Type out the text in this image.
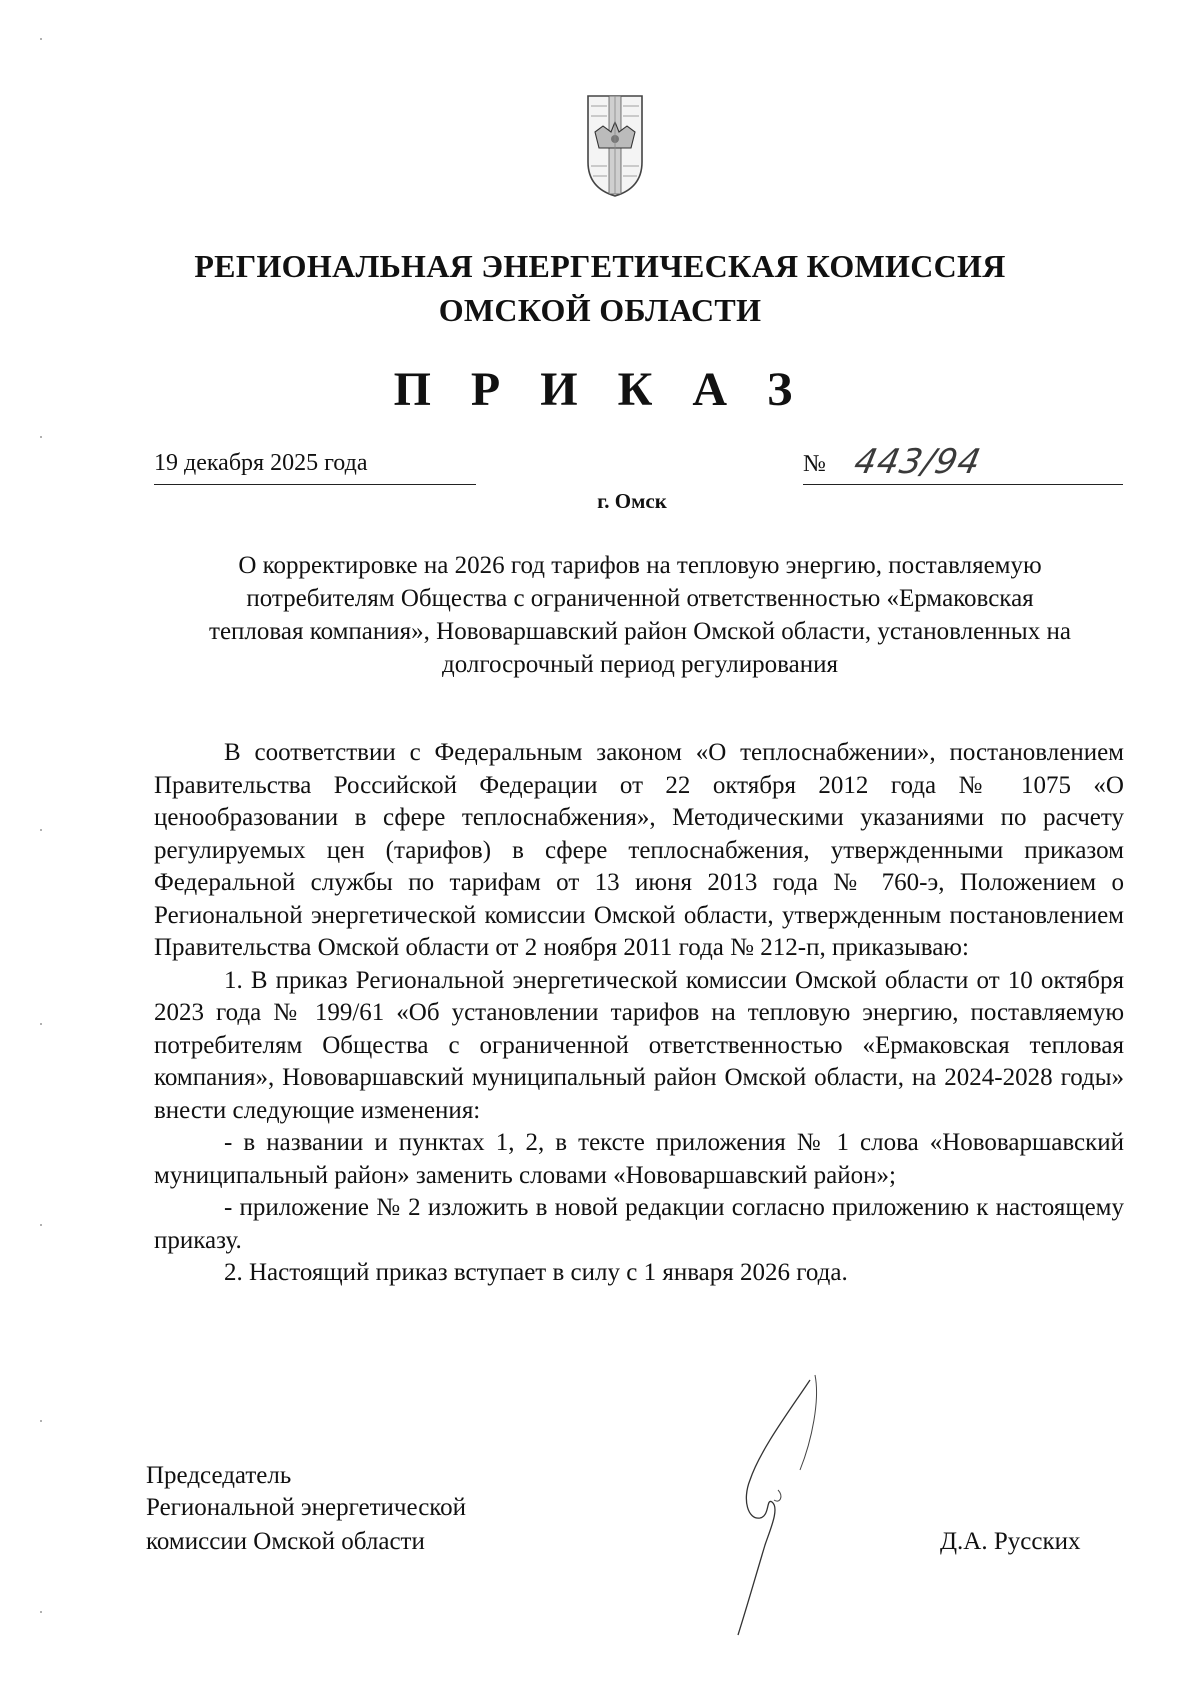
РЕГИОНАЛЬНАЯ ЭНЕРГЕТИЧЕСКАЯ КОМИССИЯ
ОМСКОЙ ОБЛАСТИ
П Р И К А З
19 декабря 2025 года	№ 443/94
г. Омск
О корректировке на 2026 год тарифов на тепловую энергию, поставляемую потребителям Общества с ограниченной ответственностью «Ермаковская тепловая компания», Нововаршавский район Омской области, установленных на долгосрочный период регулирования

В соответствии с Федеральным законом «О теплоснабжении», постановлением Правительства Российской Федерации от 22 октября 2012 года № 1075 «О ценообразовании в сфере теплоснабжения», Методическими указаниями по расчету регулируемых цен (тарифов) в сфере теплоснабжения, утвержденными приказом Федеральной службы по тарифам от 13 июня 2013 года № 760-э, Положением о Региональной энергетической комиссии Омской области, утвержденным постановлением Правительства Омской области от 2 ноября 2011 года № 212-п, приказываю:

1. В приказ Региональной энергетической комиссии Омской области от 10 октября 2023 года № 199/61 «Об установлении тарифов на тепловую энергию, поставляемую потребителям Общества с ограниченной ответственностью «Ермаковская тепловая компания», Нововаршавский муниципальный район Омской области, на 2024-2028 годы» внести следующие изменения:

- в названии и пунктах 1, 2, в тексте приложения № 1 слова «Нововаршавский муниципальный район» заменить словами «Нововаршавский район»;

- приложение № 2 изложить в новой редакции согласно приложению к настоящему приказу.

2. Настоящий приказ вступает в силу с 1 января 2026 года.

Председатель
Региональной энергетической
комиссии Омской области	Д.А. Русских
